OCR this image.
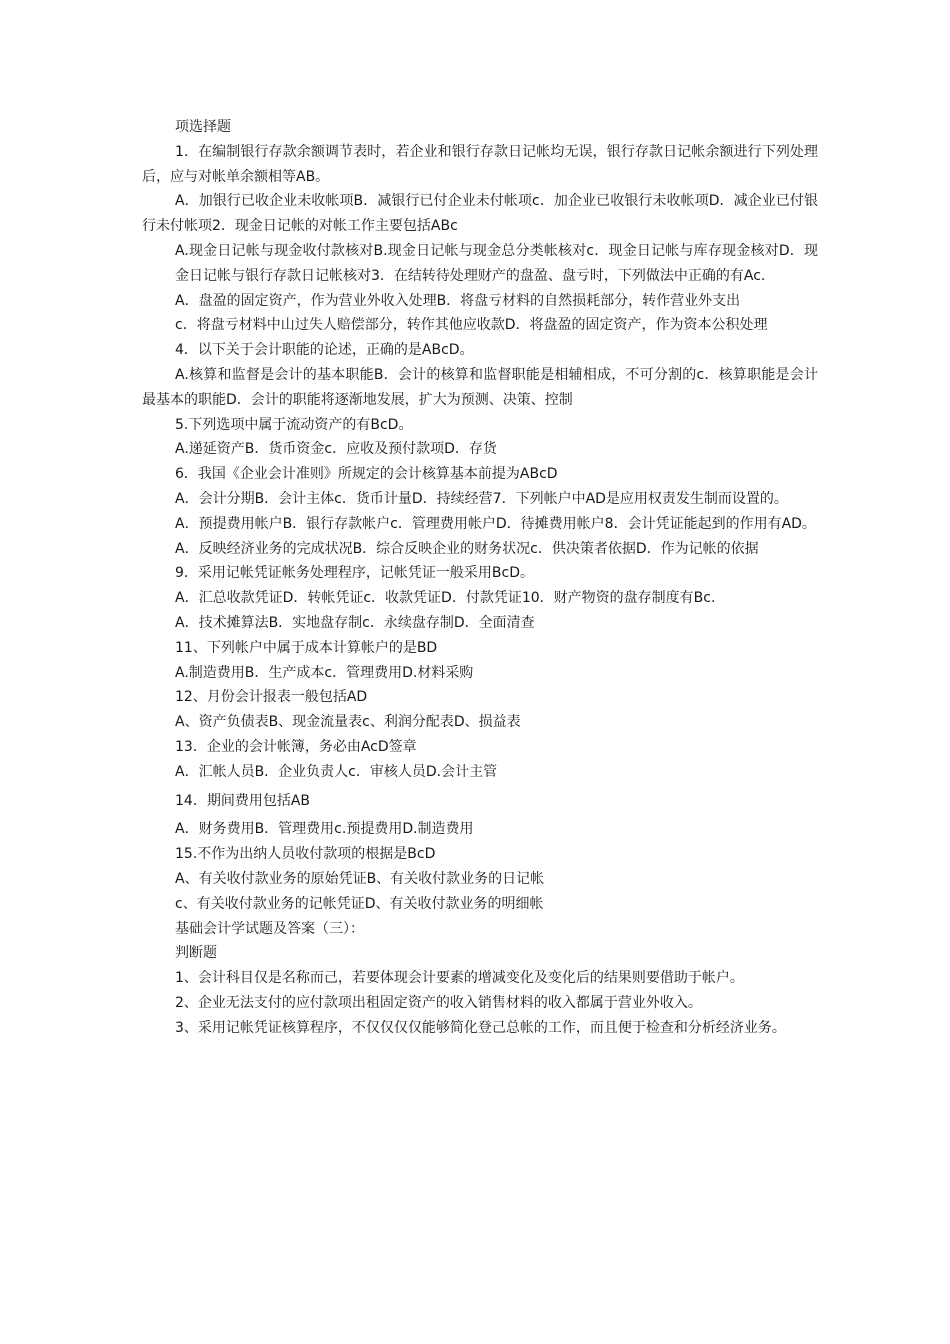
项选择题

1．在编制银行存款余额调节表时，若企业和银行存款日记帐均无误，银行存款日记帐余额进行下列处理后，应与对帐单余额相等AB。

A．加银行已收企业未收帐项B．减银行已付企业未付帐项c．加企业已收银行未收帐项D．减企业已付银行未付帐项2．现金日记帐的对帐工作主要包括ABc

A.现金日记帐与现金收付款核对B.现金日记帐与现金总分类帐核对c．现金日记帐与库存现金核对D．现金日记帐与银行存款日记帐核对3．在结转待处理财产的盘盈、盘亏时，下列做法中正确的有Ac.

A．盘盈的固定资产，作为营业外收入处理B．将盘亏材料的自然损耗部分，转作营业外支出

c．将盘亏材料中山过失人赔偿部分，转作其他应收款D．将盘盈的固定资产，作为资本公积处理

4．以下关于会计职能的论述，正确的是ABcD。

A.核算和监督是会计的基本职能B．会计的核算和监督职能是相辅相成，不可分割的c．核算职能是会计最基本的职能D．会计的职能将逐渐地发展，扩大为预测、决策、控制

5.下列选项中属于流动资产的有BcD。

A.递延资产B．货币资金c．应收及预付款项D．存货

6．我国《企业会计准则》所规定的会计核算基本前提为ABcD

A．会计分期B．会计主体c．货币计量D．持续经营7．下列帐户中AD是应用权责发生制而设置的。

A．预提费用帐户B．银行存款帐户c．管理费用帐户D．待摊费用帐户8．会计凭证能起到的作用有AD。

A．反映经济业务的完成状况B．综合反映企业的财务状况c．供决策者依据D．作为记帐的依据

9．采用记帐凭证帐务处理程序，记帐凭证一般采用BcD。

A．汇总收款凭证D．转帐凭证c．收款凭证D．付款凭证10．财产物资的盘存制度有Bc.

A．技术摊算法B．实地盘存制c．永续盘存制D．全面清查

11、下列帐户中属于成本计算帐户的是BD

A.制造费用B．生产成本c．管理费用D.材料采购

12、月份会计报表一般包括AD

A、资产负债表B、现金流量表c、利润分配表D、损益表

13．企业的会计帐簿，务必由AcD签章

A．汇帐人员B．企业负责人c．审核人员D.会计主管

14．期间费用包括AB

A．财务费用B．管理费用c.预提费用D.制造费用

15.不作为出纳人员收付款项的根据是BcD

A、有关收付款业务的原始凭证B、有关收付款业务的日记帐

c、有关收付款业务的记帐凭证D、有关收付款业务的明细帐

基础会计学试题及答案（三）：

判断题

1、会计科目仅是名称而己，若要体现会计要素的增减变化及变化后的结果则要借助于帐户。

2、企业无法支付的应付款项出租固定资产的收入销售材料的收入都属于营业外收入。

3、采用记帐凭证核算程序，不仅仅仅仅能够简化登己总帐的工作，而且便于检查和分析经济业务。
